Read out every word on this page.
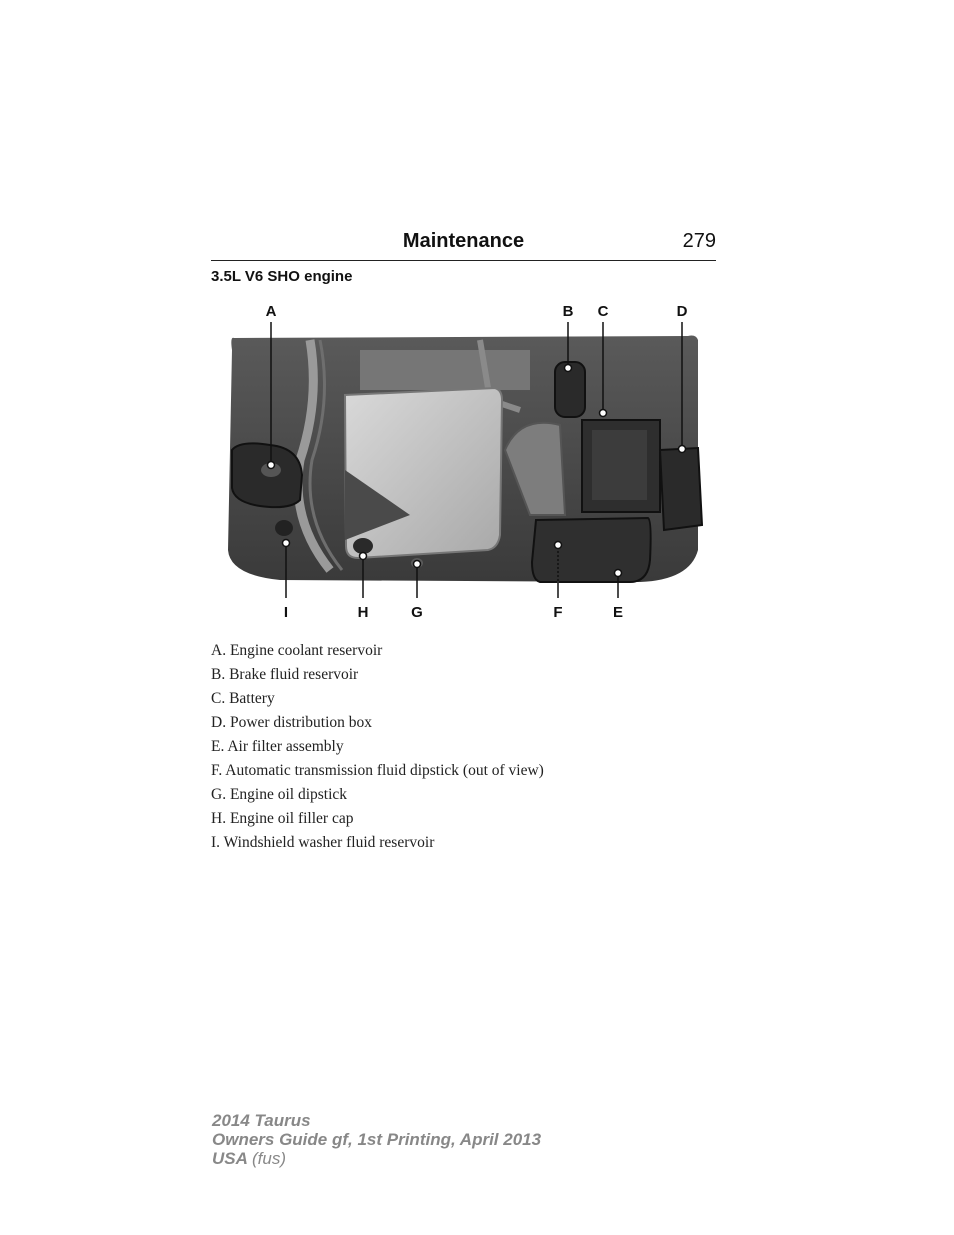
Maintenance	279
3.5L V6 SHO engine
A	B	C	D
E
F
G
H
I
A. Engine coolant reservoir
B. Brake fluid reservoir
C. Battery
D. Power distribution box
E. Air filter assembly
F. Automatic transmission fluid dipstick (out of view)
G. Engine oil dipstick
H. Engine oil filler cap
I. Windshield washer fluid reservoir
2014 Taurus
Owners Guide gf, 1st Printing, April 2013
USA (fus)
